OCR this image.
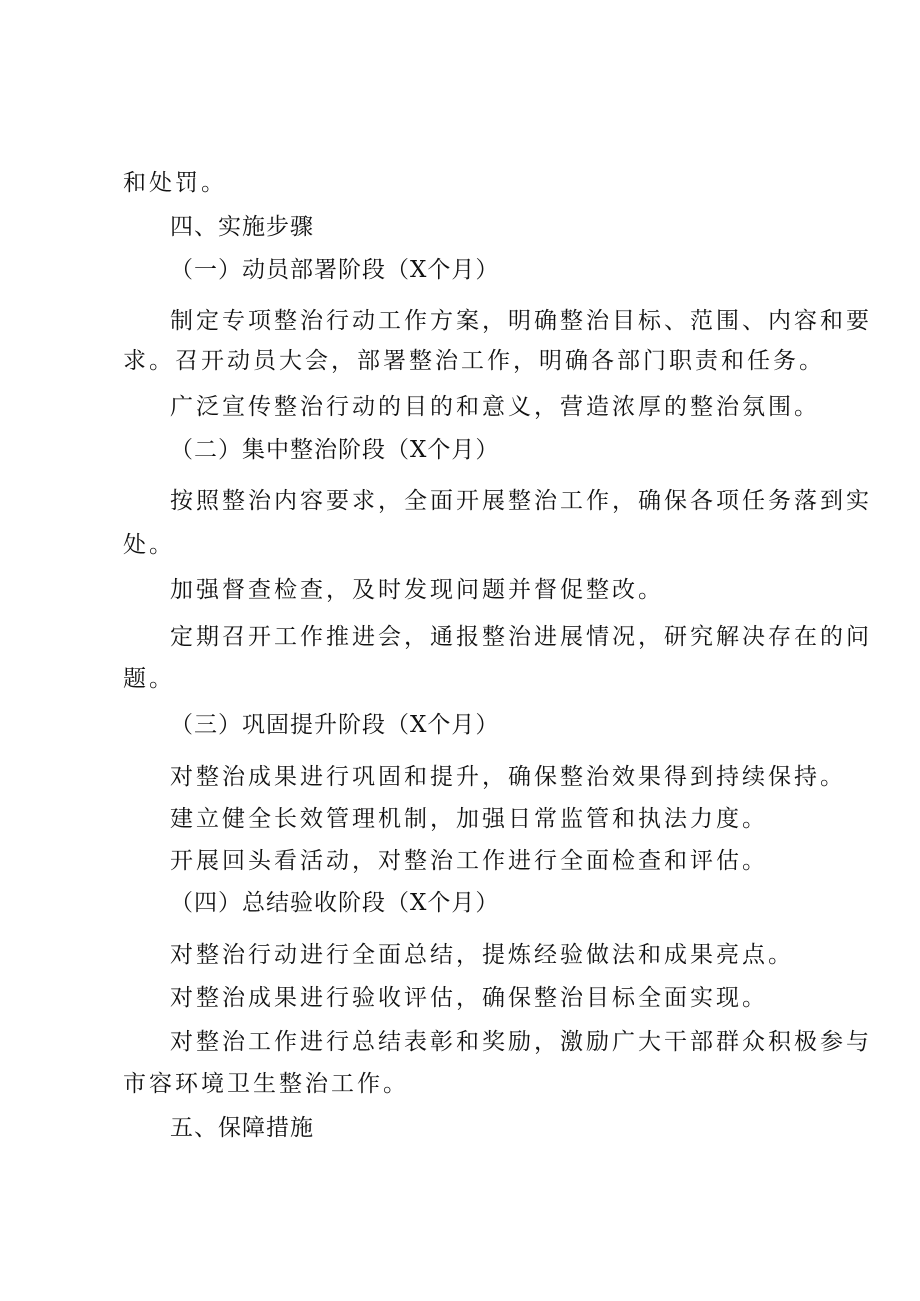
和处罚。
四、实施步骤
（一）动员部署阶段（X个月）
制定专项整治行动工作方案，明确整治目标、范围、内容和要
求。召开动员大会，部署整治工作，明确各部门职责和任务。
广泛宣传整治行动的目的和意义，营造浓厚的整治氛围。
（二）集中整治阶段（X个月）
按照整治内容要求，全面开展整治工作，确保各项任务落到实
处。
加强督查检查，及时发现问题并督促整改。
定期召开工作推进会，通报整治进展情况，研究解决存在的问
题。
（三）巩固提升阶段（X个月）
对整治成果进行巩固和提升，确保整治效果得到持续保持。
建立健全长效管理机制，加强日常监管和执法力度。
开展回头看活动，对整治工作进行全面检查和评估。
（四）总结验收阶段（X个月）
对整治行动进行全面总结，提炼经验做法和成果亮点。
对整治成果进行验收评估，确保整治目标全面实现。
对整治工作进行总结表彰和奖励，激励广大干部群众积极参与
市容环境卫生整治工作。
五、保障措施
